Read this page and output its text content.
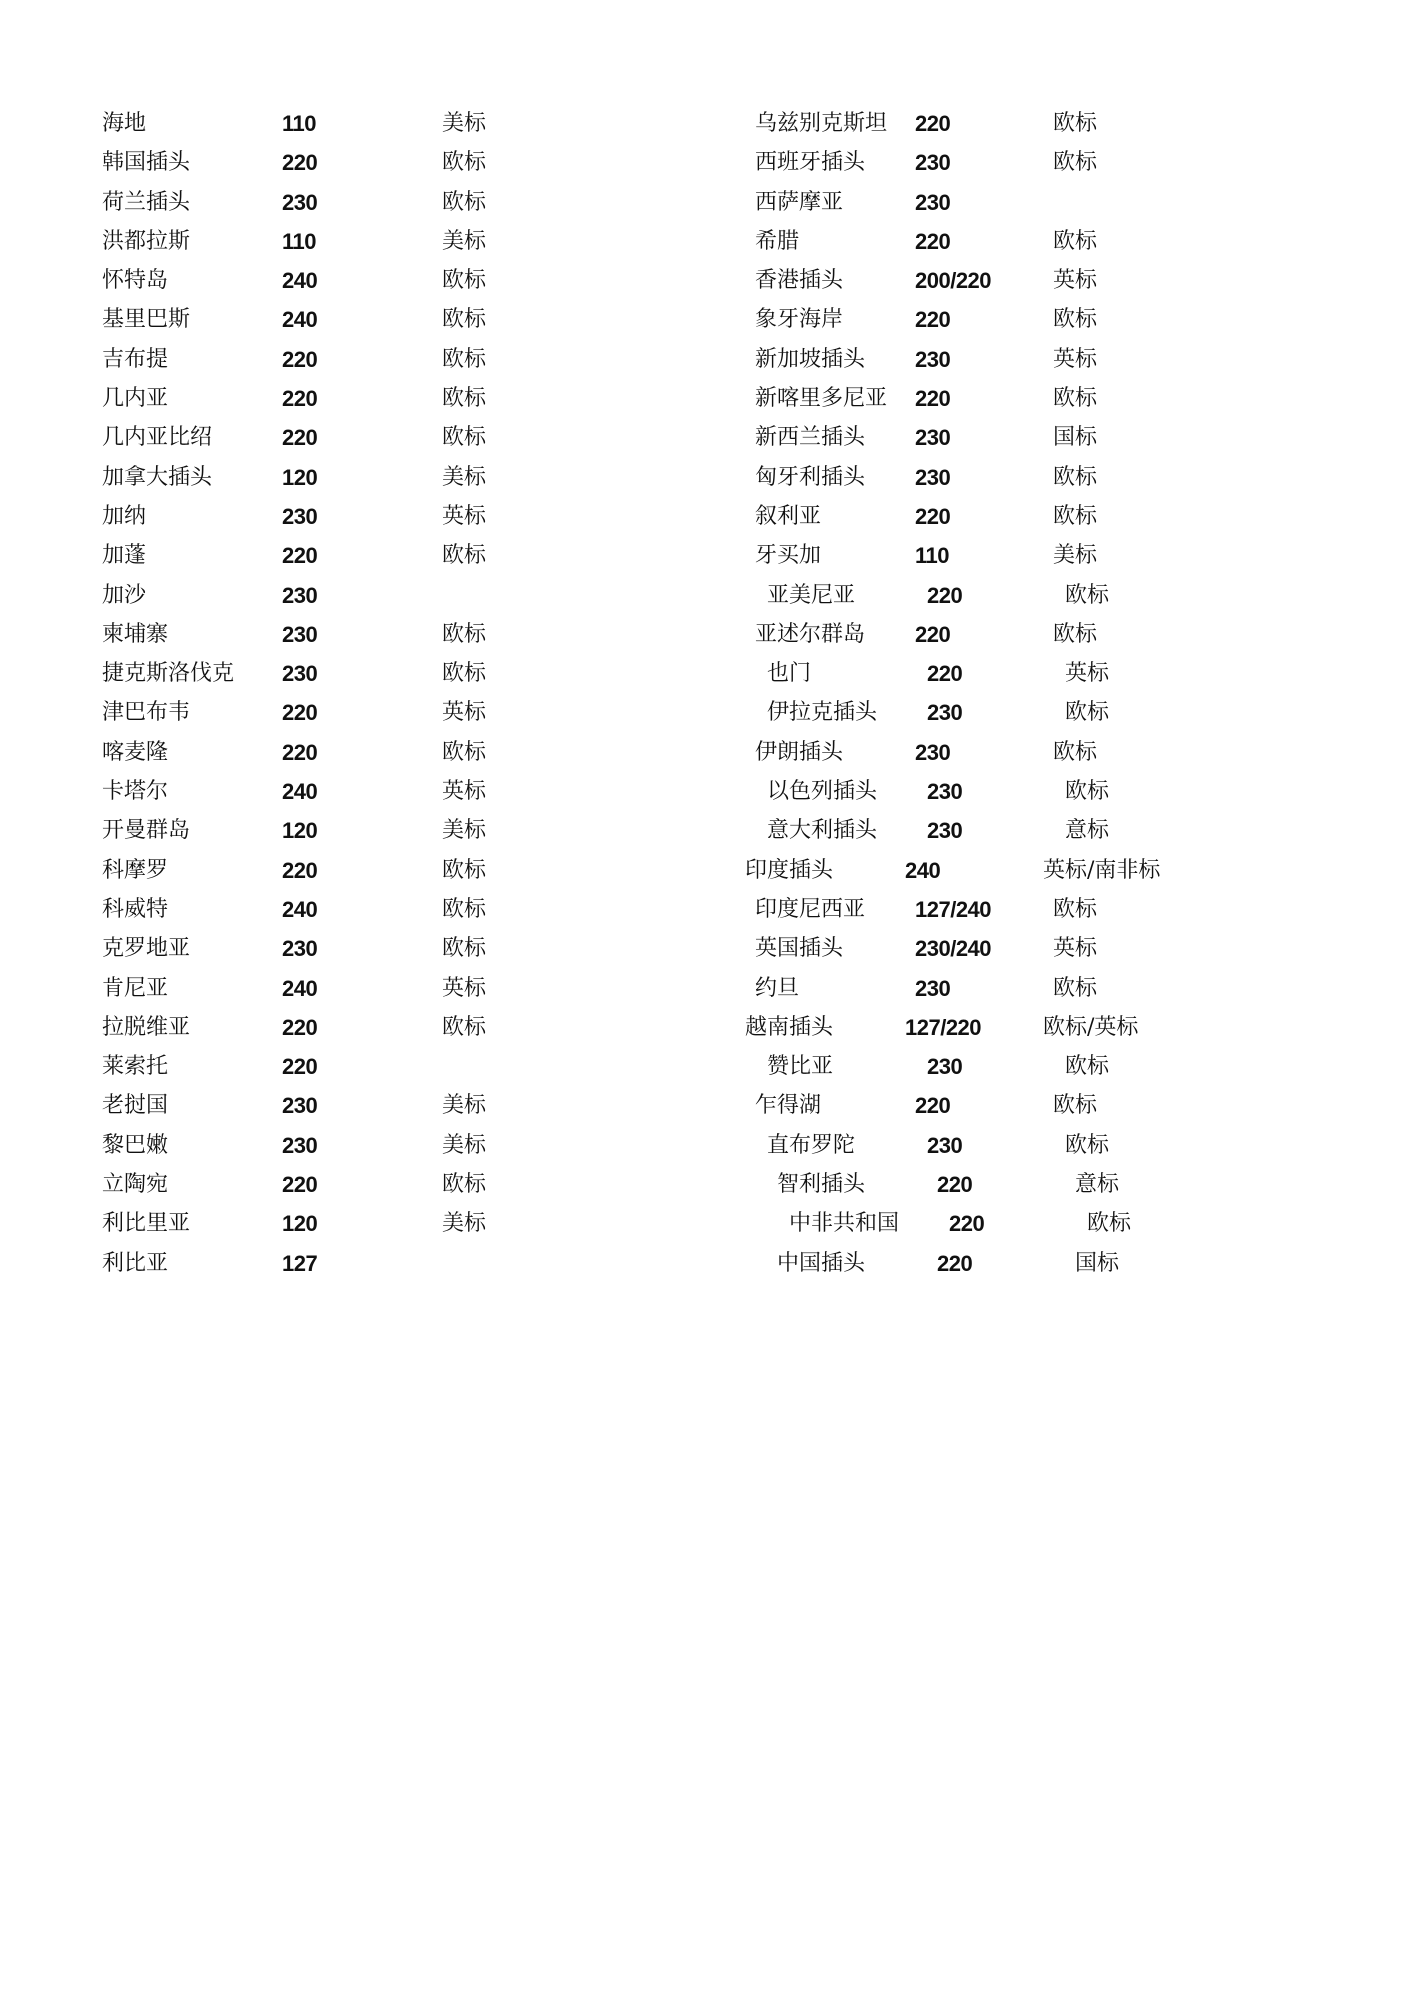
海地	110	美标
韩国插头	220	欧标
荷兰插头	230	欧标
洪都拉斯	110	美标
怀特岛	240	欧标
基里巴斯	240	欧标
吉布提	220	欧标
几内亚	220	欧标
几内亚比绍	220	欧标
加拿大插头	120	美标
加纳	230	英标
加蓬	220	欧标
加沙	230
柬埔寨	230	欧标
捷克斯洛伐克 230	欧标
津巴布韦	220	英标
喀麦隆	220	欧标
卡塔尔	240	英标
开曼群岛	120	美标
科摩罗	220	欧标
科威特	240	欧标
克罗地亚	230	欧标
肯尼亚	240	英标
拉脱维亚	220	欧标
莱索托	220
老挝国	230	美标
黎巴嫩	230	美标
立陶宛	220	欧标
利比里亚	120	美标
利比亚	127
乌兹别克斯坦 220	欧标
西班牙插头 230	欧标
西萨摩亚	230
希腊	220	欧标
香港插头	200/220	英标
象牙海岸	220	欧标
新加坡插头 230	英标
新喀里多尼亚 220	欧标
新西兰插头 230	国标
匈牙利插头 230	欧标
叙利亚	220	欧标
牙买加	110	美标
亚美尼亚	220	欧标
亚述尔群岛 220	欧标
也门	220	英标
伊拉克插头 230	欧标
伊朗插头	230	欧标
以色列插头 230	欧标
意大利插头 230	意标
印度插头	240	英标/南非标
印度尼西亚 127/240	欧标
英国插头	230/240	英标
约旦	230	欧标
越南插头	127/220	欧标/英标
赞比亚	230	欧标
乍得湖	220	欧标
直布罗陀	230	欧标
智利插头	220	意标
中非共和国 220	欧标
中国插头	220	国标
